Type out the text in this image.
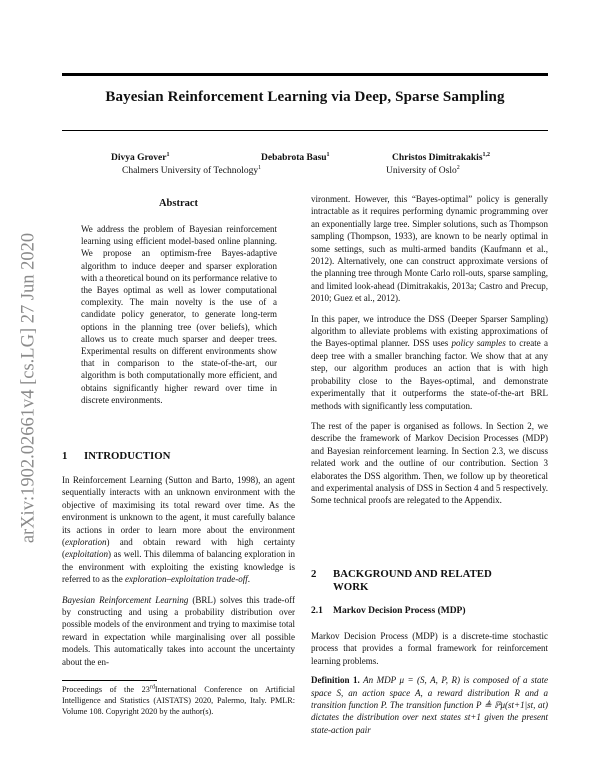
arXiv:1902.02661v4 [cs.LG] 27 Jun 2020
Bayesian Reinforcement Learning via Deep, Sparse Sampling
Divya Grover$^1$	Debabrota Basu$^1$	Christos Dimitrakakis$^{1,2}$
Chalmers University of Technology$^1$	University of Oslo$^2$
Abstract
We address the problem of Bayesian reinforcement learning using efficient model-based online planning. We propose an optimism-free Bayes-adaptive algorithm to induce deeper and sparser exploration with a theoretical bound on its performance relative to the Bayes optimal as well as lower computational complexity. The main novelty is the use of a candidate policy generator, to generate long-term options in the planning tree (over beliefs), which allows us to create much sparser and deeper trees. Experimental results on different environments show that in comparison to the state-of-the-art, our algorithm is both computationally more efficient, and obtains significantly higher reward over time in discrete environments.
1 INTRODUCTION

In Reinforcement Learning (Sutton and Barto, 1998), an agent sequentially interacts with an unknown environment with the objective of maximising its total reward over time. As the environment is unknown to the agent, it must carefully balance its actions in order to learn more about the environment (exploration) and obtain reward with high certainty (exploitation) as well. This dilemma of balancing exploration in the environment with exploiting the existing knowledge is referred to as the exploration–exploitation trade-off.

Bayesian Reinforcement Learning (BRL) solves this trade-off by constructing and using a probability distribution over possible models of the environment and trying to maximise total reward in expectation while marginalising over all possible models. This automatically takes into account the uncertainty about the en-

Proceedings of the 23rdInternational Conference on Artificial Intelligence and Statistics (AISTATS) 2020, Palermo, Italy. PMLR: Volume 108. Copyright 2020 by the author(s).

vironment. However, this “Bayes-optimal” policy is generally intractable as it requires performing dynamic programming over an exponentially large tree. Simpler solutions, such as Thompson sampling (Thompson, 1933), are known to be nearly optimal in some settings, such as multi-armed bandits (Kaufmann et al., 2012). Alternatively, one can construct approximate versions of the planning tree through Monte Carlo roll-outs, sparse sampling, and limited look-ahead (Dimitrakakis, 2013a; Castro and Precup, 2010; Guez et al., 2012).

In this paper, we introduce the DSS (Deeper Sparser Sampling) algorithm to alleviate problems with existing approximations of the Bayes-optimal planner. DSS uses policy samples to create a deep tree with a smaller branching factor. We show that at any step, our algorithm produces an action that is with high probability close to the Bayes-optimal, and demonstrate experimentally that it outperforms the state-of-the-art BRL methods with significantly less computation.

The rest of the paper is organised as follows. In Section 2, we describe the framework of Markov Decision Processes (MDP) and Bayesian reinforcement learning. In Section 2.3, we discuss related work and the outline of our contribution. Section 3 elaborates the DSS algorithm. Then, we follow up by theoretical and experimental analysis of DSS in Section 4 and 5 respectively. Some technical proofs are relegated to the Appendix.

2 BACKGROUND AND RELATED
WORK
2.1 Markov Decision Process (MDP)

Markov Decision Process (MDP) is a discrete-time stochastic process that provides a formal framework for reinforcement learning problems.

Definition 1. An MDP μ = (S, A, P, R) is composed of a state space S, an action space A, a reward distribution R and a transition function P. The transition function P ≜ ℙμ(st+1|st, at) dictates the distribution over next states st+1 given the present state-action pair
